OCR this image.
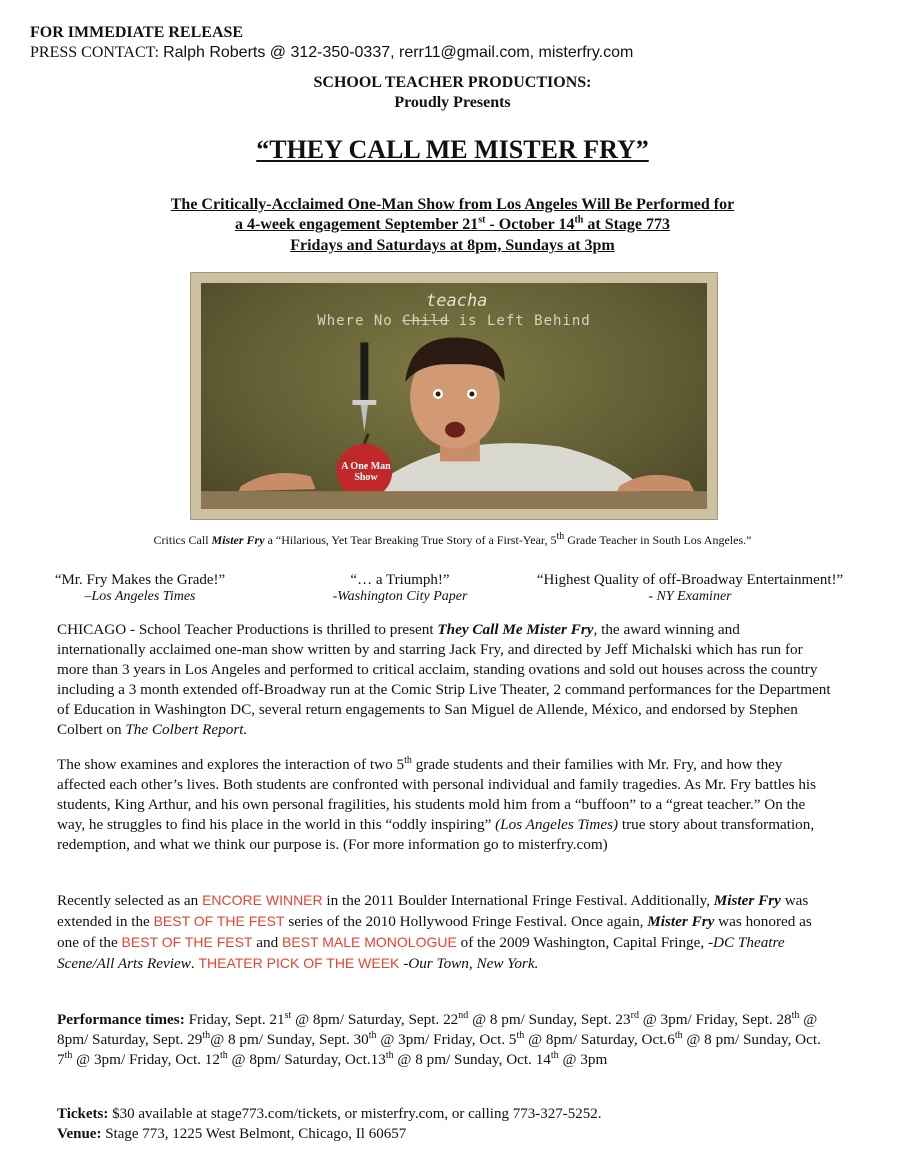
FOR IMMEDIATE RELEASE
PRESS CONTACT: Ralph Roberts @ 312-350-0337, rerr11@gmail.com, misterfry.com
SCHOOL TEACHER PRODUCTIONS:
Proudly Presents
“THEY CALL ME MISTER FRY”
The Critically-Acclaimed One-Man Show from Los Angeles Will Be Performed for
a 4-week engagement September 21st - October 14th at Stage 773
Fridays and Saturdays at 8pm, Sundays at 3pm
teacha
Where No Child is Left Behind
A One Man Show
Critics Call Mister Fry a “Hilarious, Yet Tear Breaking True Story of a First-Year, 5th Grade Teacher in South Los Angeles.”
“Mr. Fry Makes the Grade!”
–Los Angeles Times
“… a Triumph!”
-Washington City Paper
“Highest Quality of off-Broadway Entertainment!”
- NY Examiner
CHICAGO - School Teacher Productions is thrilled to present They Call Me Mister Fry, the award winning and internationally acclaimed one-man show written by and starring Jack Fry, and directed by Jeff Michalski which has run for more than 3 years in Los Angeles and performed to critical acclaim, standing ovations and sold out houses across the country including a 3 month extended off-Broadway run at the Comic Strip Live Theater, 2 command performances for the Department of Education in Washington DC, several return engagements to San Miguel de Allende, México, and endorsed by Stephen Colbert on The Colbert Report.
The show examines and explores the interaction of two 5th grade students and their families with Mr. Fry, and how they affected each other’s lives. Both students are confronted with personal individual and family tragedies. As Mr. Fry battles his students, King Arthur, and his own personal fragilities, his students mold him from a “buffoon” to a “great teacher.” On the way, he struggles to find his place in the world in this “oddly inspiring” (Los Angeles Times) true story about transformation, redemption, and what we think our purpose is. (For more information go to misterfry.com)
Recently selected as an ENCORE WINNER in the 2011 Boulder International Fringe Festival. Additionally, Mister Fry was extended in the BEST OF THE FEST series of the 2010 Hollywood Fringe Festival. Once again, Mister Fry was honored as one of the BEST OF THE FEST and BEST MALE MONOLOGUE of the 2009 Washington, Capital Fringe, -DC Theatre Scene/All Arts Review. THEATER PICK OF THE WEEK -Our Town, New York.
Performance times: Friday, Sept. 21st @ 8pm/ Saturday, Sept. 22nd @ 8 pm/ Sunday, Sept. 23rd @ 3pm/ Friday, Sept. 28th @ 8pm/ Saturday, Sept. 29th@ 8 pm/ Sunday, Sept. 30th @ 3pm/ Friday, Oct. 5th @ 8pm/ Saturday, Oct.6th @ 8 pm/ Sunday, Oct. 7th @ 3pm/ Friday, Oct. 12th @ 8pm/ Saturday, Oct.13th @ 8 pm/ Sunday, Oct. 14th @ 3pm
Tickets: $30 available at stage773.com/tickets, or misterfry.com, or calling 773-327-5252.
Venue: Stage 773, 1225 West Belmont, Chicago, Il 60657
